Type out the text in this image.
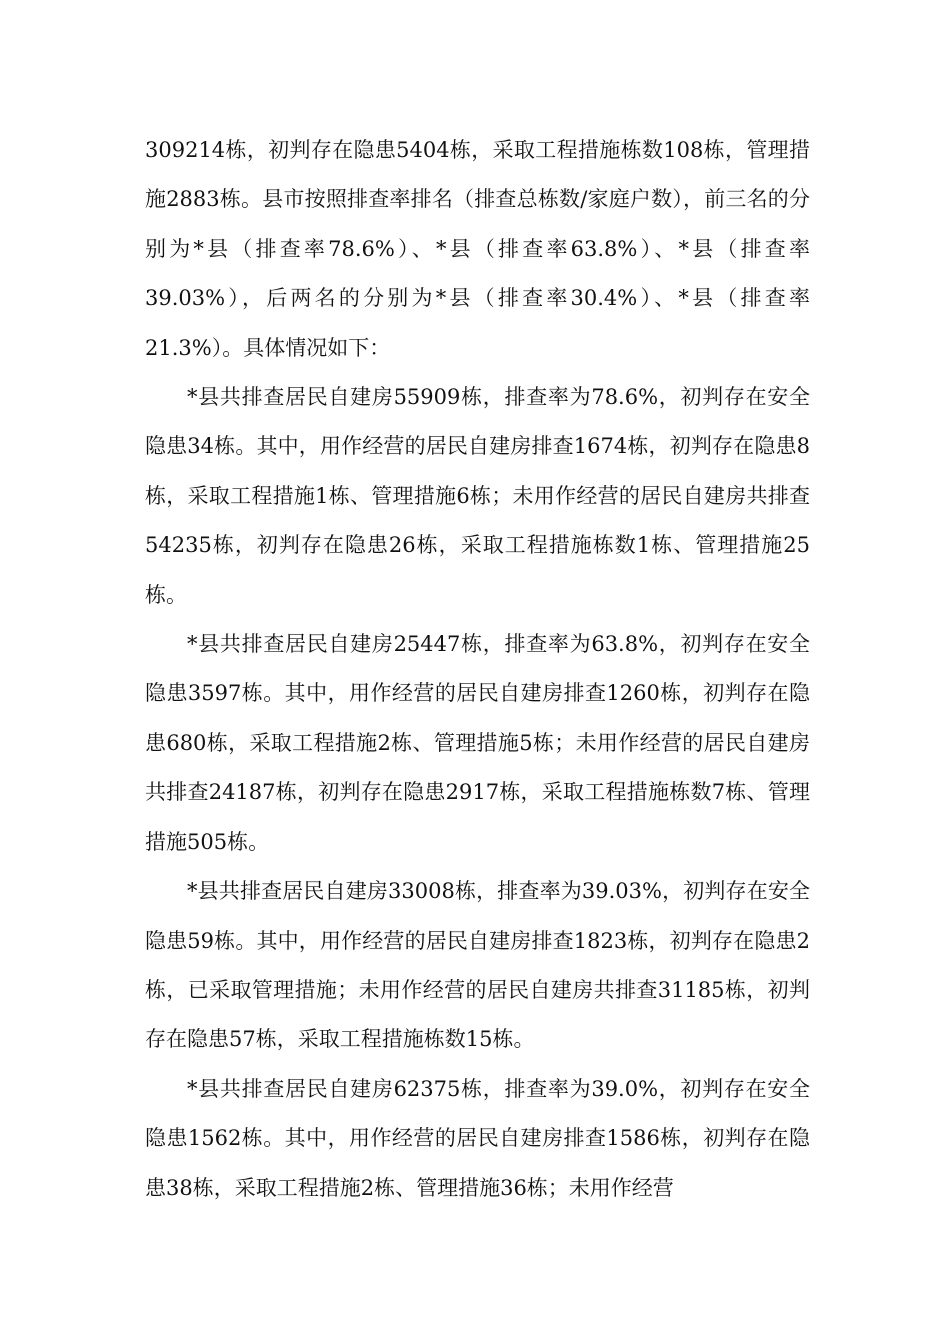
309214栋，初判存在隐患5404栋，采取工程措施栋数108栋，管理措施2883栋。县市按照排查率排名（排查总栋数/家庭户数），前三名的分别为*县（排查率78.6%）、*县（排查率63.8%）、*县（排查率39.03%），后两名的分别为*县（排查率30.4%）、*县（排查率21.3%）。具体情况如下：

*县共排查居民自建房55909栋，排查率为78.6%，初判存在安全隐患34栋。其中，用作经营的居民自建房排查1674栋，初判存在隐患8栋，采取工程措施1栋、管理措施6栋；未用作经营的居民自建房共排查54235栋，初判存在隐患26栋，采取工程措施栋数1栋、管理措施25栋。

*县共排查居民自建房25447栋，排查率为63.8%，初判存在安全隐患3597栋。其中，用作经营的居民自建房排查1260栋，初判存在隐患680栋，采取工程措施2栋、管理措施5栋；未用作经营的居民自建房共排查24187栋，初判存在隐患2917栋，采取工程措施栋数7栋、管理措施505栋。

*县共排查居民自建房33008栋，排查率为39.03%，初判存在安全隐患59栋。其中，用作经营的居民自建房排查1823栋，初判存在隐患2栋，已采取管理措施；未用作经营的居民自建房共排查31185栋，初判存在隐患57栋，采取工程措施栋数15栋。

*县共排查居民自建房62375栋，排查率为39.0%，初判存在安全隐患1562栋。其中，用作经营的居民自建房排查1586栋，初判存在隐患38栋，采取工程措施2栋、管理措施36栋；未用作经营
